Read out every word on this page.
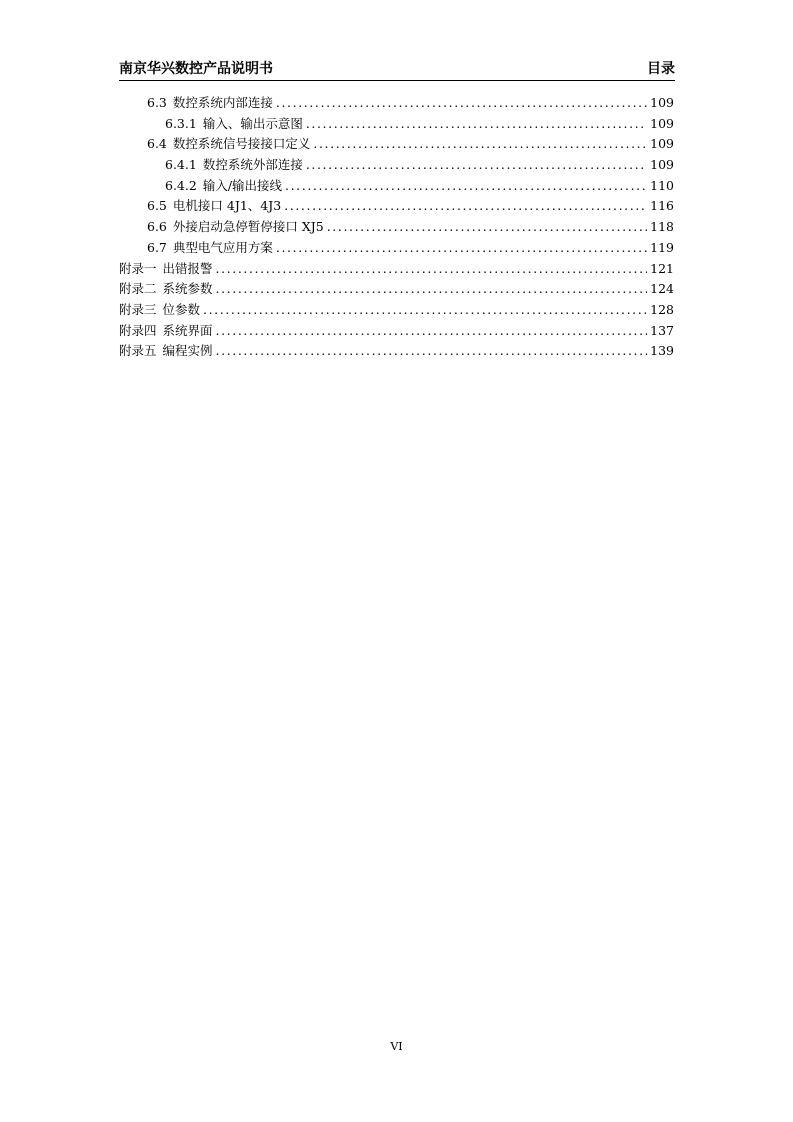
南京华兴数控产品说明书	目录
6.3 数控系统内部连接 .....	109
6.3.1 输入、输出示意图 .....	109
6.4 数控系统信号接接口定义 .....	109
6.4.1 数控系统外部连接 .....	109
6.4.2 输入/输出接线 .....	110
6.5 电机接口 4J1、4J3 .....	116
6.6 外接启动急停暂停接口 XJ5 .....	118
6.7 典型电气应用方案 .....	119
附录一 出错报警 .....	121
附录二 系统参数 .....	124
附录三 位参数 .....	128
附录四 系统界面 .....	137
附录五 编程实例 .....	139
VI
